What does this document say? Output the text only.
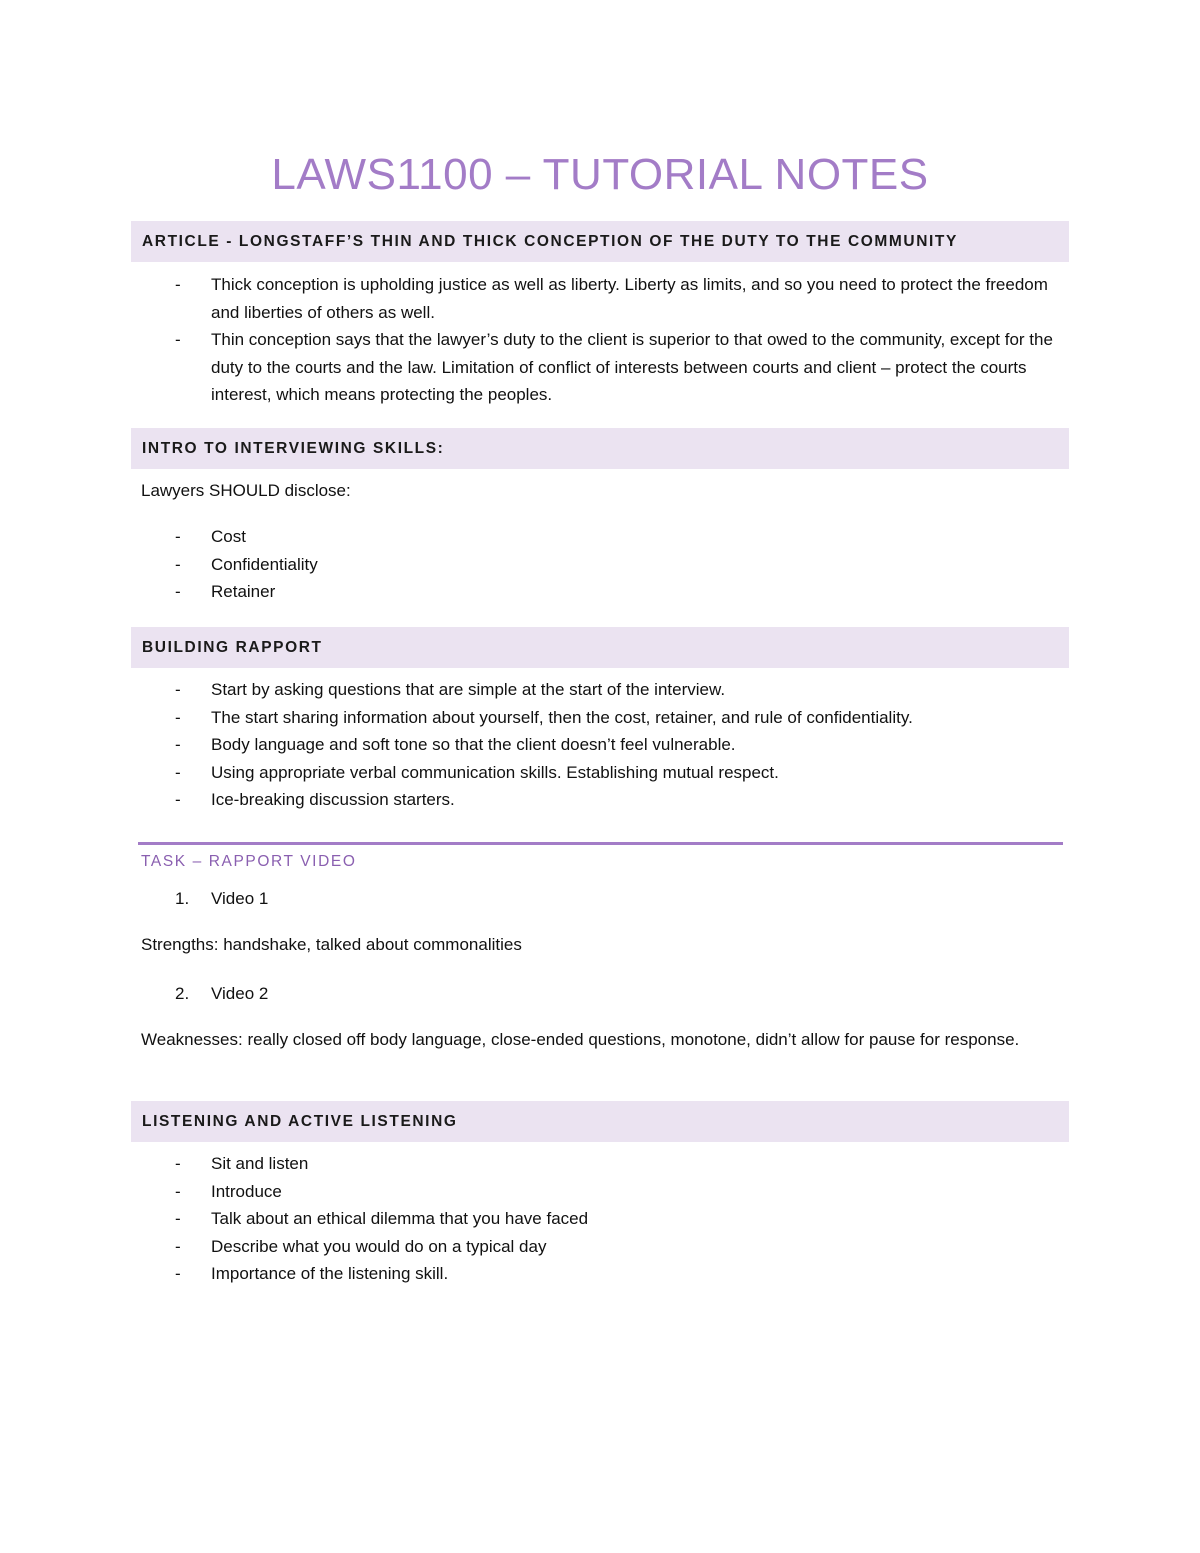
LAWS1100 – TUTORIAL NOTES
ARTICLE - LONGSTAFF’S THIN AND THICK CONCEPTION OF THE DUTY TO THE COMMUNITY
-	Thick conception is upholding justice as well as liberty. Liberty as limits, and so you need to protect the freedom and liberties of others as well.
-	Thin conception says that the lawyer’s duty to the client is superior to that owed to the community, except for the duty to the courts and the law. Limitation of conflict of interests between courts and client – protect the courts interest, which means protecting the peoples.
INTRO TO INTERVIEWING SKILLS:
Lawyers SHOULD disclose:
-	Cost
-	Confidentiality
-	Retainer
BUILDING RAPPORT
-	Start by asking questions that are simple at the start of the interview.
-	The start sharing information about yourself, then the cost, retainer, and rule of confidentiality.
-	Body language and soft tone so that the client doesn’t feel vulnerable.
-	Using appropriate verbal communication skills. Establishing mutual respect.
-	Ice-breaking discussion starters.
TASK – RAPPORT VIDEO
1. Video 1
Strengths: handshake, talked about commonalities
2. Video 2
Weaknesses: really closed off body language, close-ended questions, monotone, didn’t allow for pause for response.
LISTENING AND ACTIVE LISTENING
-	Sit and listen
-	Introduce
-	Talk about an ethical dilemma that you have faced
-	Describe what you would do on a typical day
-	Importance of the listening skill.
